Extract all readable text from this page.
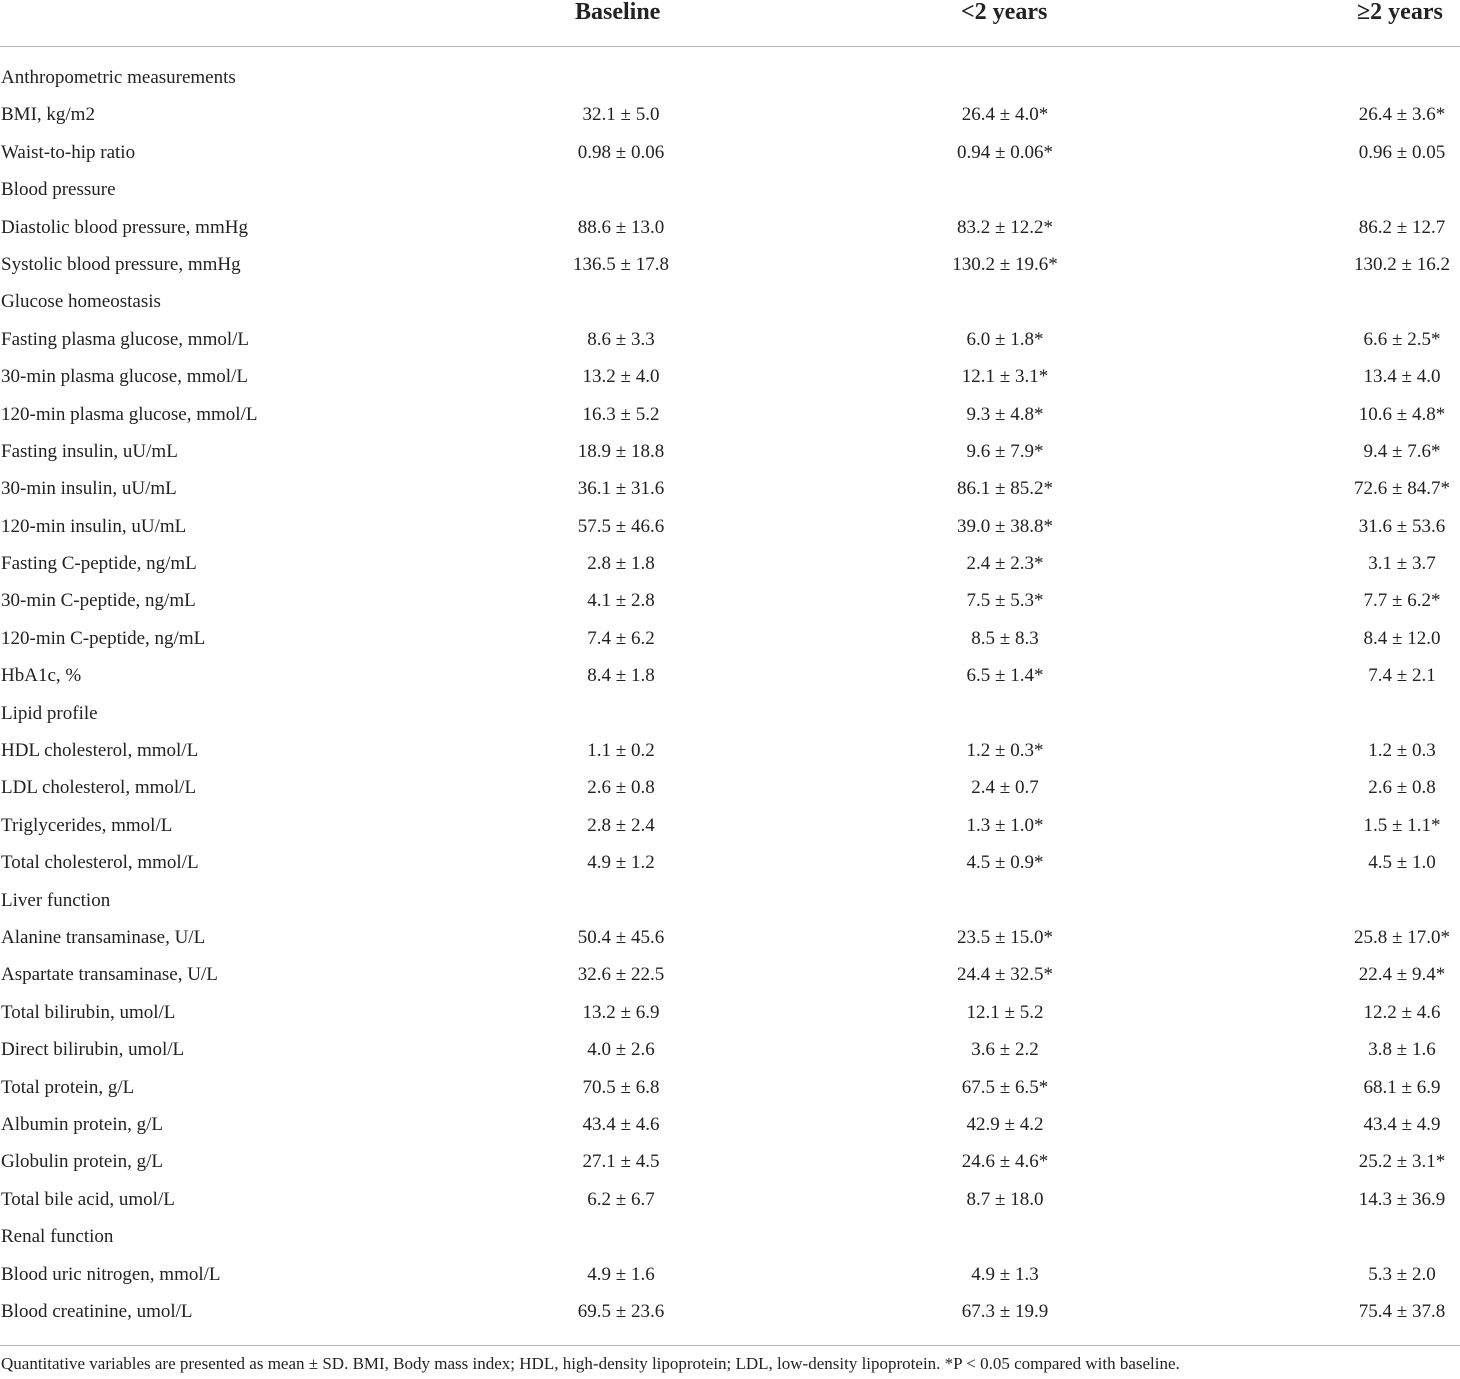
Baseline	<2 years	≥2 years
Anthropometric measurements
BMI, kg/m2	32.1 ± 5.0	26.4 ± 4.0*	26.4 ± 3.6*
Waist-to-hip ratio	0.98 ± 0.06	0.94 ± 0.06*	0.96 ± 0.05
Blood pressure
Diastolic blood pressure, mmHg	88.6 ± 13.0	83.2 ± 12.2*	86.2 ± 12.7
Systolic blood pressure, mmHg	136.5 ± 17.8	130.2 ± 19.6*	130.2 ± 16.2
Glucose homeostasis
Fasting plasma glucose, mmol/L	8.6 ± 3.3	6.0 ± 1.8*	6.6 ± 2.5*
30-min plasma glucose, mmol/L	13.2 ± 4.0	12.1 ± 3.1*	13.4 ± 4.0
120-min plasma glucose, mmol/L	16.3 ± 5.2	9.3 ± 4.8*	10.6 ± 4.8*
Fasting insulin, uU/mL	18.9 ± 18.8	9.6 ± 7.9*	9.4 ± 7.6*
30-min insulin, uU/mL	36.1 ± 31.6	86.1 ± 85.2*	72.6 ± 84.7*
120-min insulin, uU/mL	57.5 ± 46.6	39.0 ± 38.8*	31.6 ± 53.6
Fasting C-peptide, ng/mL	2.8 ± 1.8	2.4 ± 2.3*	3.1 ± 3.7
30-min C-peptide, ng/mL	4.1 ± 2.8	7.5 ± 5.3*	7.7 ± 6.2*
120-min C-peptide, ng/mL	7.4 ± 6.2	8.5 ± 8.3	8.4 ± 12.0
HbA1c, %	8.4 ± 1.8	6.5 ± 1.4*	7.4 ± 2.1
Lipid profile
HDL cholesterol, mmol/L	1.1 ± 0.2	1.2 ± 0.3*	1.2 ± 0.3
LDL cholesterol, mmol/L	2.6 ± 0.8	2.4 ± 0.7	2.6 ± 0.8
Triglycerides, mmol/L	2.8 ± 2.4	1.3 ± 1.0*	1.5 ± 1.1*
Total cholesterol, mmol/L	4.9 ± 1.2	4.5 ± 0.9*	4.5 ± 1.0
Liver function
Alanine transaminase, U/L	50.4 ± 45.6	23.5 ± 15.0*	25.8 ± 17.0*
Aspartate transaminase, U/L	32.6 ± 22.5	24.4 ± 32.5*	22.4 ± 9.4*
Total bilirubin, umol/L	13.2 ± 6.9	12.1 ± 5.2	12.2 ± 4.6
Direct bilirubin, umol/L	4.0 ± 2.6	3.6 ± 2.2	3.8 ± 1.6
Total protein, g/L	70.5 ± 6.8	67.5 ± 6.5*	68.1 ± 6.9
Albumin protein, g/L	43.4 ± 4.6	42.9 ± 4.2	43.4 ± 4.9
Globulin protein, g/L	27.1 ± 4.5	24.6 ± 4.6*	25.2 ± 3.1*
Total bile acid, umol/L	6.2 ± 6.7	8.7 ± 18.0	14.3 ± 36.9
Renal function
Blood uric nitrogen, mmol/L	4.9 ± 1.6	4.9 ± 1.3	5.3 ± 2.0
Blood creatinine, umol/L	69.5 ± 23.6	67.3 ± 19.9	75.4 ± 37.8
Quantitative variables are presented as mean ± SD. BMI, Body mass index; HDL, high-density lipoprotein; LDL, low-density lipoprotein. *P < 0.05 compared with baseline.
